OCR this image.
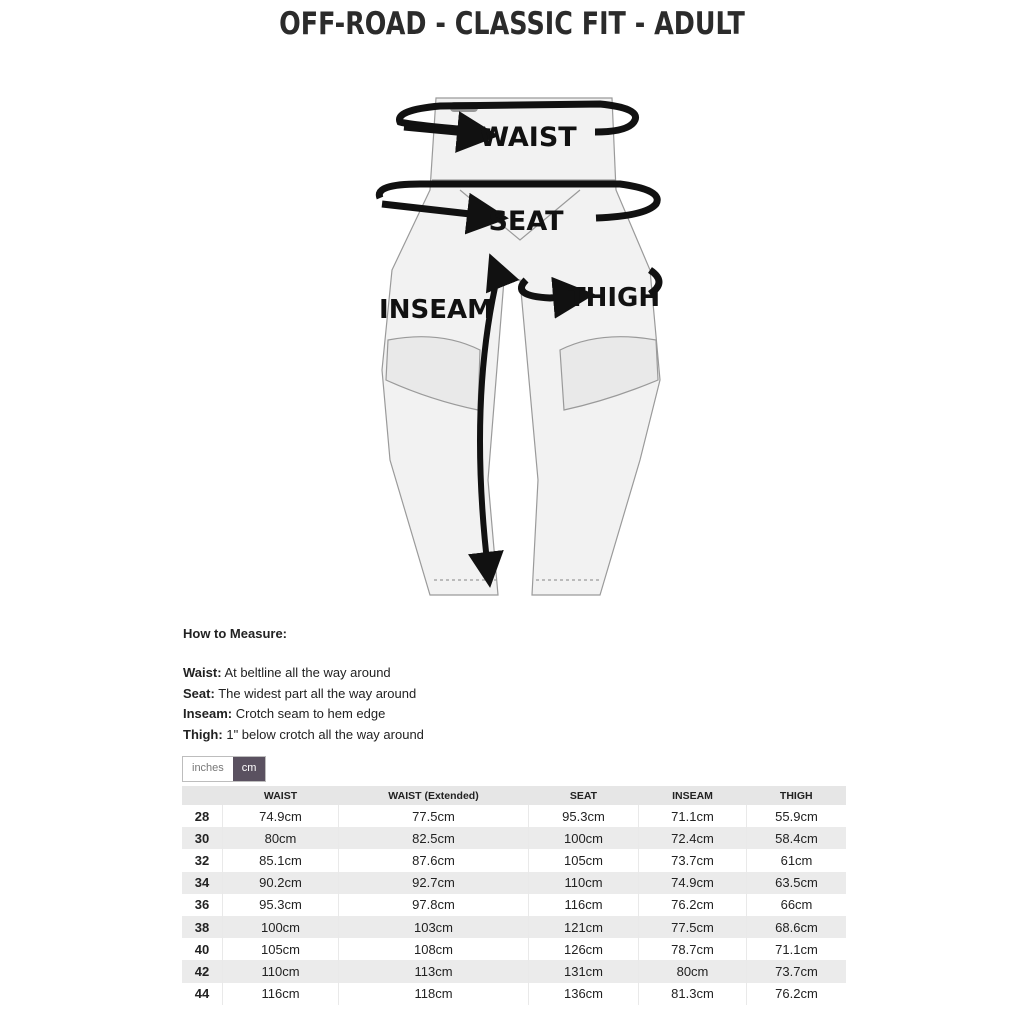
OFF-ROAD - CLASSIC FIT - ADULT
WAIST
SEAT
THIGH
INSEAM
How to Measure:
Waist: At beltline all the way around
Seat: The widest part all the way around
Inseam: Crotch seam to hem edge
Thigh: 1" below crotch all the way around
inches	cm
	WAIST	WAIST (Extended)	SEAT	INSEAM	THIGH
28	74.9cm	77.5cm	95.3cm	71.1cm	55.9cm
30	80cm	82.5cm	100cm	72.4cm	58.4cm
32	85.1cm	87.6cm	105cm	73.7cm	61cm
34	90.2cm	92.7cm	110cm	74.9cm	63.5cm
36	95.3cm	97.8cm	116cm	76.2cm	66cm
38	100cm	103cm	121cm	77.5cm	68.6cm
40	105cm	108cm	126cm	78.7cm	71.1cm
42	110cm	113cm	131cm	80cm	73.7cm
44	116cm	118cm	136cm	81.3cm	76.2cm
